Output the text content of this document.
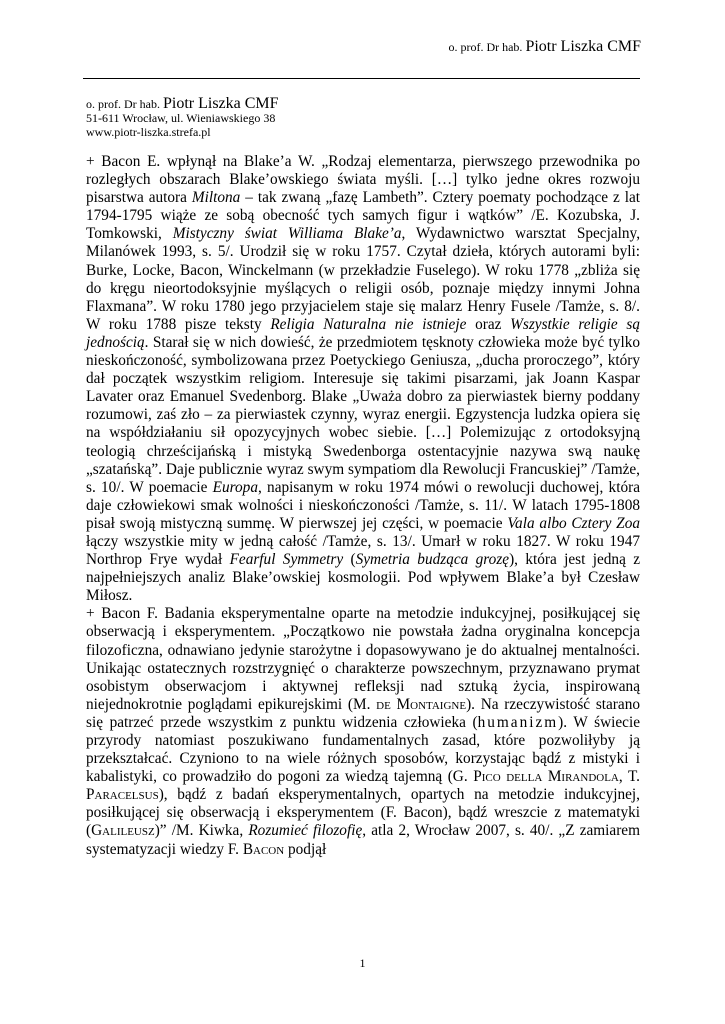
o. prof. Dr hab. Piotr Liszka CMF
o. prof. Dr hab. Piotr Liszka CMF
51-611 Wrocław, ul. Wieniawskiego 38
www.piotr-liszka.strefa.pl

+ Bacon E. wpłynął na Blake’a W. „Rodzaj elementarza, pierwszego przewodnika po rozległych obszarach Blake’owskiego świata myśli. […] tylko jedne okres rozwoju pisarstwa autora Miltona – tak zwaną „fazę Lambeth”. Cztery poematy pochodzące z lat 1794-1795 wiąże ze sobą obecność tych samych figur i wątków” /E. Kozubska, J. Tomkowski, Mistyczny świat Williama Blake’a, Wydawnictwo warsztat Specjalny, Milanówek 1993, s. 5/. Urodził się w roku 1757. Czytał dzieła, których autorami byli: Burke, Locke, Bacon, Winckelmann (w przekładzie Fuselego). W roku 1778 „zbliża się do kręgu nieortodoksyjnie myślących o religii osób, poznaje między innymi Johna Flaxmana”. W roku 1780 jego przyjacielem staje się malarz Henry Fusele /Tamże, s. 8/. W roku 1788 pisze teksty Religia Naturalna nie istnieje oraz Wszystkie religie są jednością. Starał się w nich dowieść, że przedmiotem tęsknoty człowieka może być tylko nieskończoność, symbolizowana przez Poetyckiego Geniusza, „ducha proroczego”, który dał początek wszystkim religiom. Interesuje się takimi pisarzami, jak Joann Kaspar Lavater oraz Emanuel Svedenborg. Blake „Uważa dobro za pierwiastek bierny poddany rozumowi, zaś zło – za pierwiastek czynny, wyraz energii. Egzystencja ludzka opiera się na współdziałaniu sił opozycyjnych wobec siebie. […] Polemizując z ortodoksyjną teologią chrześcijańską i mistyką Swedenborga ostentacyjnie nazywa swą naukę „szatańską”. Daje publicznie wyraz swym sympatiom dla Rewolucji Francuskiej” /Tamże, s. 10/. W poemacie Europa, napisanym w roku 1974 mówi o rewolucji duchowej, która daje człowiekowi smak wolności i nieskończoności /Tamże, s. 11/. W latach 1795-1808 pisał swoją mistyczną summę. W pierwszej jej części, w poemacie Vala albo Cztery Zoa łączy wszystkie mity w jedną całość /Tamże, s. 13/. Umarł w roku 1827. W roku 1947 Northrop Frye wydał Fearful Symmetry (Symetria budząca grozę), która jest jedną z najpełniejszych analiz Blake’owskiej kosmologii. Pod wpływem Blake’a był Czesław Miłosz.

+ Bacon F. Badania eksperymentalne oparte na metodzie indukcyjnej, posiłkującej się obserwacją i eksperymentem. „Początkowo nie powstała żadna oryginalna koncepcja filozoficzna, odnawiano jedynie starożytne i dopasowywano je do aktualnej mentalności. Unikając ostatecznych rozstrzygnięć o charakterze powszechnym, przyznawano prymat osobistym obserwacjom i aktywnej refleksji nad sztuką życia, inspirowaną niejednokrotnie poglądami epikurejskimi (M. de Montaigne). Na rzeczywistość starano się patrzeć przede wszystkim z punktu widzenia człowieka (humanizm). W świecie przyrody natomiast poszukiwano fundamentalnych zasad, które pozwoliłyby ją przekształcać. Czyniono to na wiele różnych sposobów, korzystając bądź z mistyki i kabalistyki, co prowadziło do pogoni za wiedzą tajemną (G. Pico della Mirandola, T. Paracelsus), bądź z badań eksperymentalnych, opartych na metodzie indukcyjnej, posiłkującej się obserwacją i eksperymentem (F. Bacon), bądź wreszcie z matematyki (Galileusz)” /M. Kiwka, Rozumieć filozofię, atla 2, Wrocław 2007, s. 40/. „Z zamiarem systematyzacji wiedzy F. Bacon podjął

1
